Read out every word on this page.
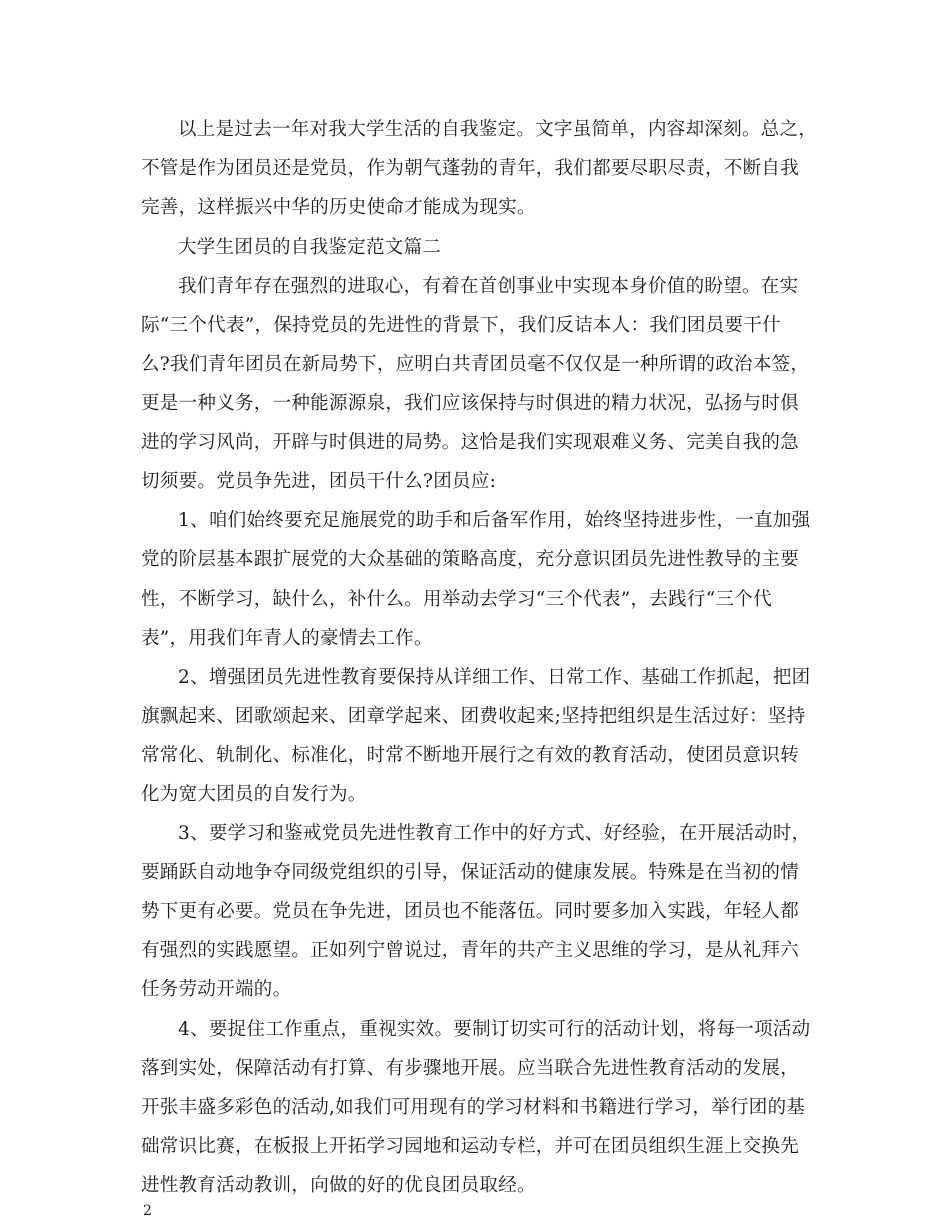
以上是过去一年对我大学生活的自我鉴定。文字虽简单，内容却深刻。总之，
不管是作为团员还是党员，作为朝气蓬勃的青年，我们都要尽职尽责，不断自我
完善，这样振兴中华的历史使命才能成为现实。
大学生团员的自我鉴定范文篇二
我们青年存在强烈的进取心，有着在首创事业中实现本身价值的盼望。在实
际“三个代表”，保持党员的先进性的背景下，我们反诘本人：我们团员要干什
么?我们青年团员在新局势下，应明白共青团员毫不仅仅是一种所谓的政治本签，
更是一种义务，一种能源源泉，我们应该保持与时俱进的精力状况，弘扬与时俱
进的学习风尚，开辟与时俱进的局势。这恰是我们实现艰难义务、完美自我的急
切须要。党员争先进，团员干什么?团员应:
1、咱们始终要充足施展党的助手和后备军作用，始终坚持进步性，一直加强
党的阶层基本跟扩展党的大众基础的策略高度，充分意识团员先进性教导的主要
性，不断学习，缺什么，补什么。用举动去学习“三个代表”，去践行“三个代
表”，用我们年青人的豪情去工作。
2、增强团员先进性教育要保持从详细工作、日常工作、基础工作抓起，把团
旗飘起来、团歌颂起来、团章学起来、团费收起来;坚持把组织是生活过好：坚持
常常化、轨制化、标准化，时常不断地开展行之有效的教育活动，使团员意识转
化为宽大团员的自发行为。
3、要学习和鉴戒党员先进性教育工作中的好方式、好经验，在开展活动时，
要踊跃自动地争夺同级党组织的引导，保证活动的健康发展。特殊是在当初的情
势下更有必要。党员在争先进，团员也不能落伍。同时要多加入实践，年轻人都
有强烈的实践愿望。正如列宁曾说过，青年的共产主义思维的学习，是从礼拜六
任务劳动开端的。
4、要捉住工作重点，重视实效。要制订切实可行的活动计划，将每一项活动
落到实处，保障活动有打算、有步骤地开展。应当联合先进性教育活动的发展，
开张丰盛多彩色的活动,如我们可用现有的学习材料和书籍进行学习，举行团的基
础常识比赛，在板报上开拓学习园地和运动专栏，并可在团员组织生涯上交换先
进性教育活动教训，向做的好的优良团员取经。
2
